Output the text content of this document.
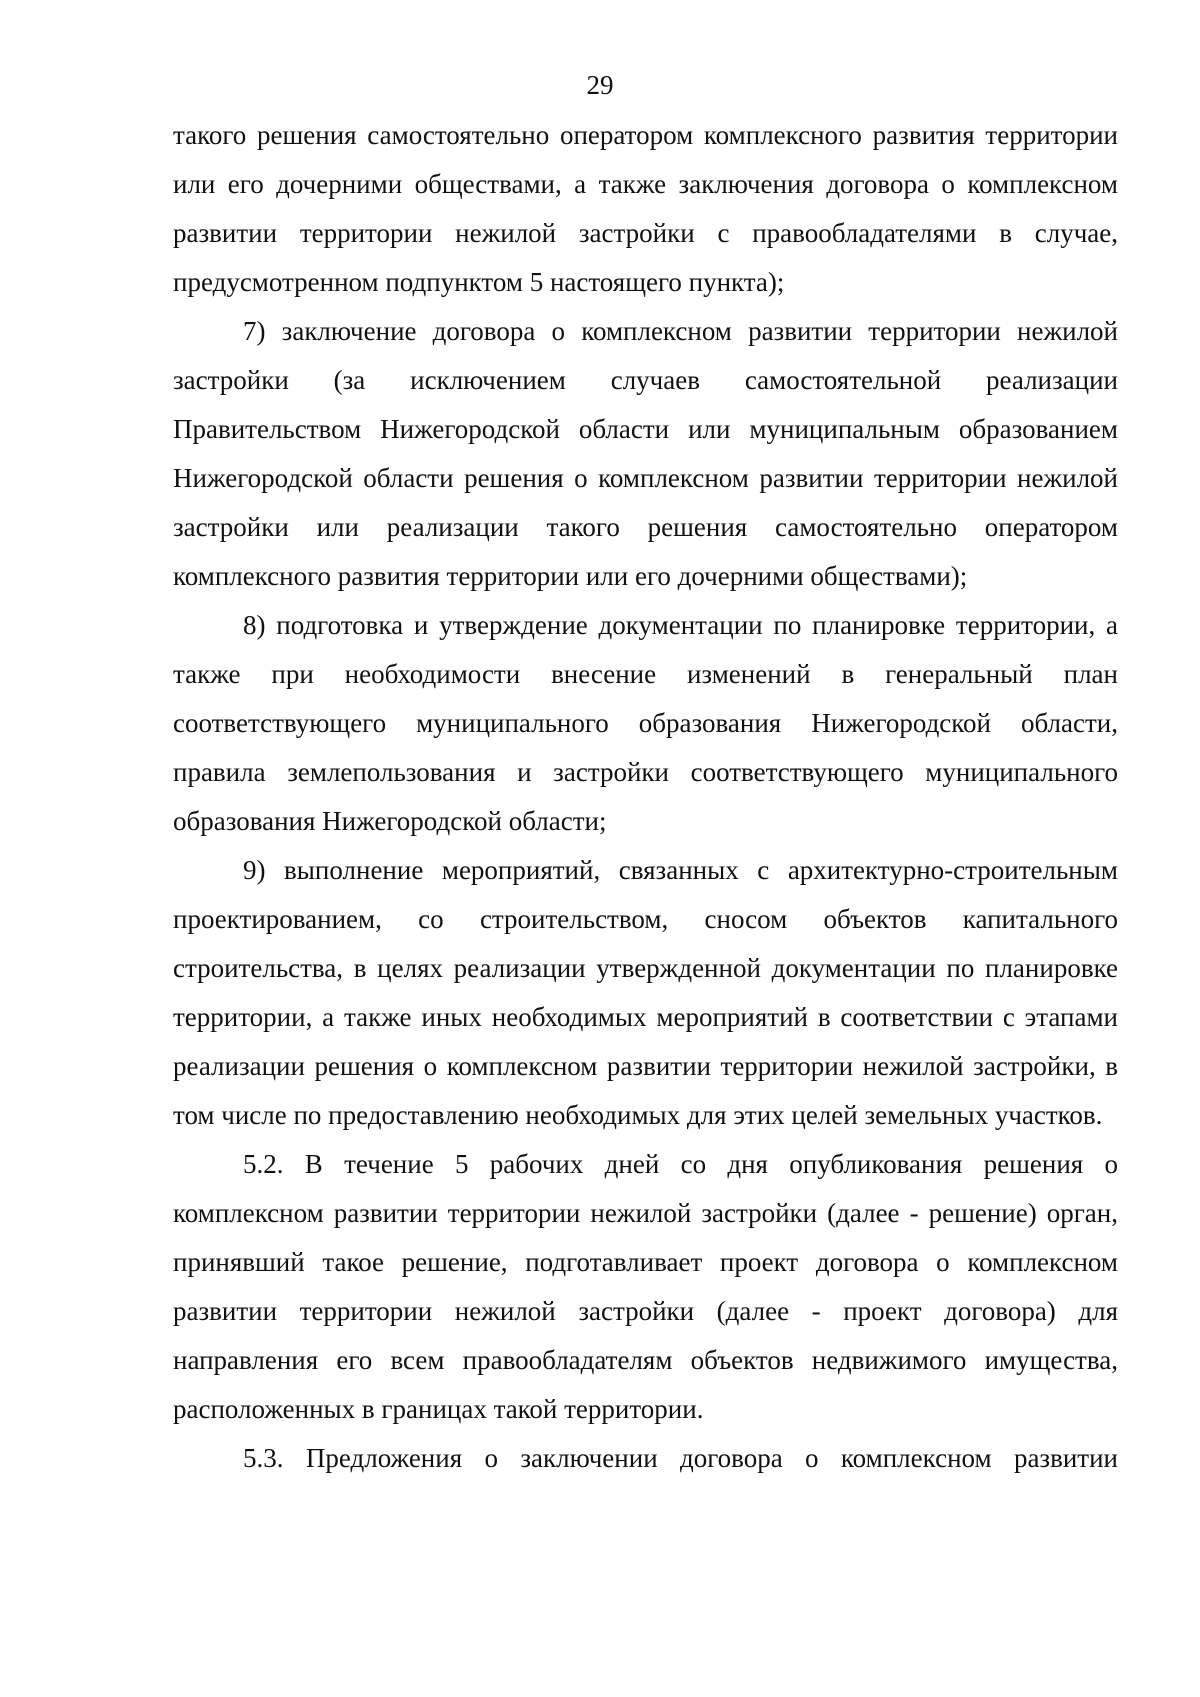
29

такого решения самостоятельно оператором комплексного развития территории или его дочерними обществами, а также заключения договора о комплексном развитии территории нежилой застройки с правообладателями в случае, предусмотренном подпунктом 5 настоящего пункта);

7) заключение договора о комплексном развитии территории нежилой застройки (за исключением случаев самостоятельной реализации Правительством Нижегородской области или муниципальным образованием Нижегородской области решения о комплексном развитии территории нежилой застройки или реализации такого решения самостоятельно оператором комплексного развития территории или его дочерними обществами);

8) подготовка и утверждение документации по планировке территории, а также при необходимости внесение изменений в генеральный план соответствующего муниципального образования Нижегородской области, правила землепользования и застройки соответствующего муниципального образования Нижегородской области;

9) выполнение мероприятий, связанных с архитектурно-строительным проектированием, со строительством, сносом объектов капитального строительства, в целях реализации утвержденной документации по планировке территории, а также иных необходимых мероприятий в соответствии с этапами реализации решения о комплексном развитии территории нежилой застройки, в том числе по предоставлению необходимых для этих целей земельных участков.

5.2. В течение 5 рабочих дней со дня опубликования решения о комплексном развитии территории нежилой застройки (далее - решение) орган, принявший такое решение, подготавливает проект договора о комплексном развитии территории нежилой застройки (далее - проект договора) для направления его всем правообладателям объектов недвижимого имущества, расположенных в границах такой территории.

5.3. Предложения о заключении договора о комплексном развитии
